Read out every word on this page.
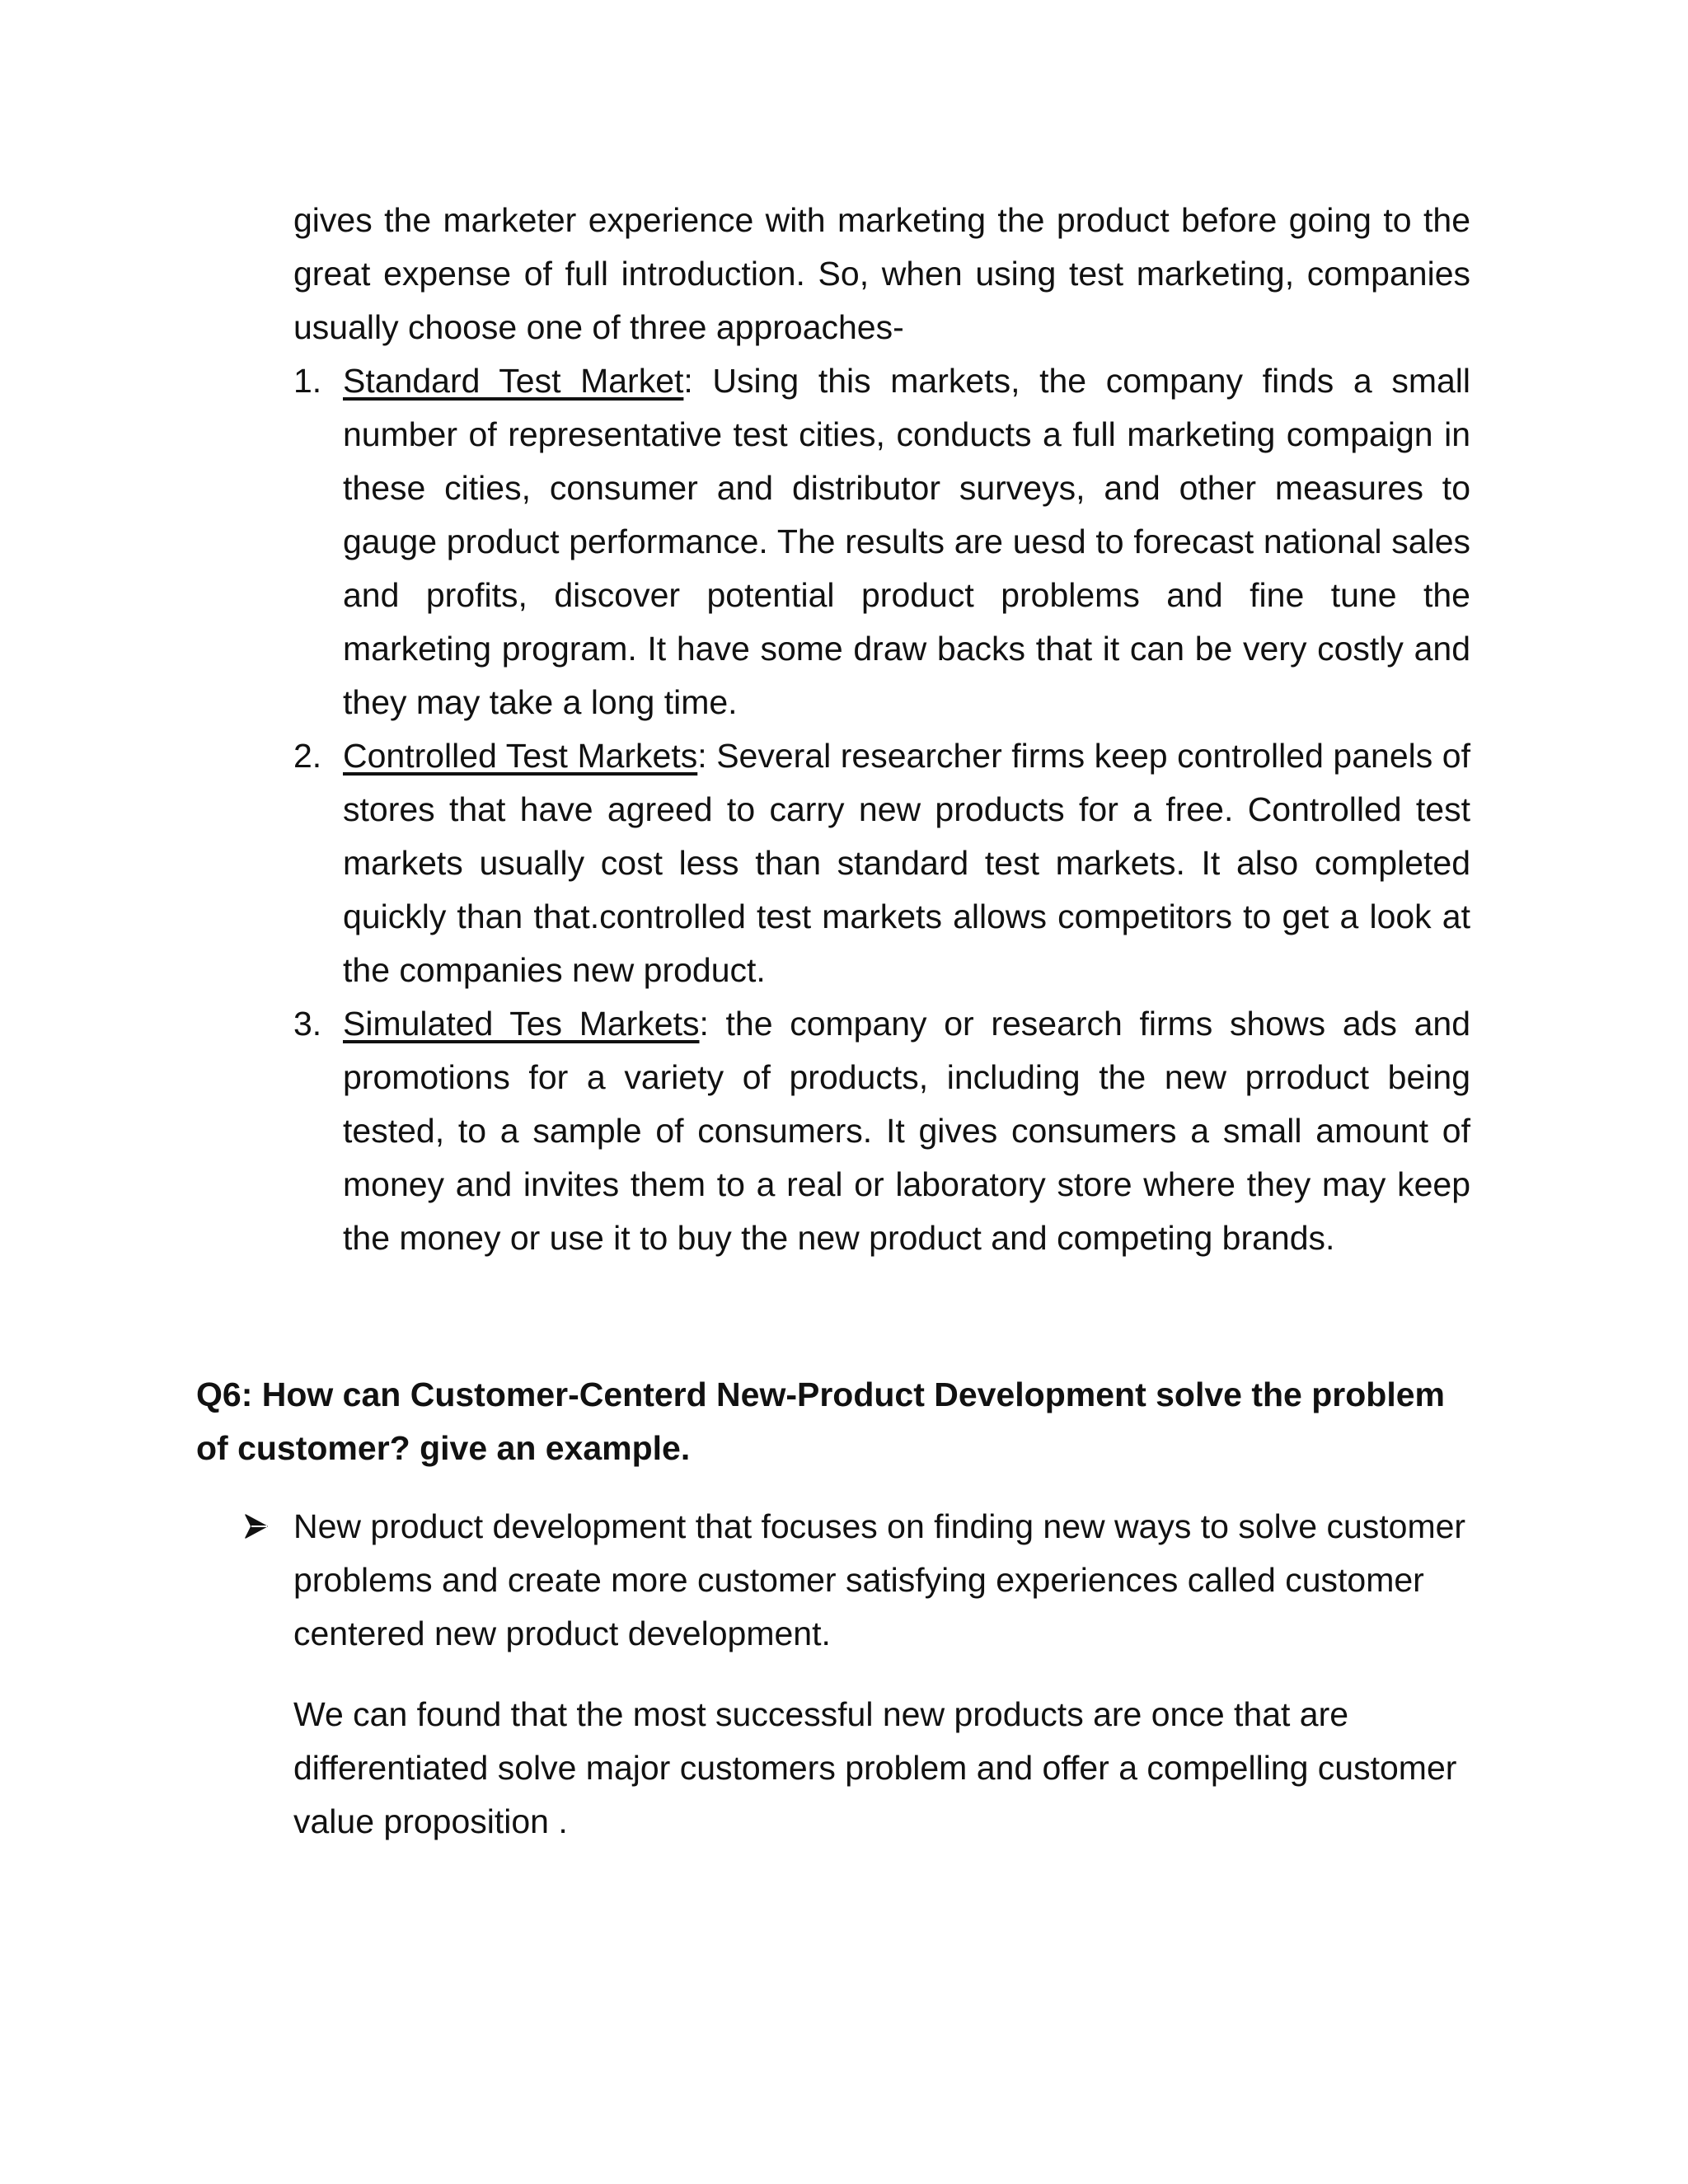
gives the marketer experience with marketing the product before going to the great expense of full introduction. So, when using test marketing, companies usually choose one of three approaches-

1. Standard Test Market: Using this markets, the company finds a small number of representative test cities, conducts a full marketing compaign in these cities, consumer and distributor surveys, and other measures to gauge product performance. The results are uesd to forecast national sales and profits, discover potential product problems and fine tune the marketing program. It have some draw backs that it can be very costly and they may take a long time.
2. Controlled Test Markets: Several researcher firms keep controlled panels of stores that have agreed to carry new products for a free. Controlled test markets usually cost less than standard test markets. It also completed quickly than that.controlled test markets allows competitors to get a look at the companies new product.
3. Simulated Tes Markets: the company or research firms shows ads and promotions for a variety of products, including the new prroduct being tested, to a sample of consumers. It gives consumers a small amount of money and invites them to a real or laboratory store where they may keep the money or use it to buy the new product and competing brands.

Q6: How can Customer-Centerd New-Product Development solve the problem of customer? give an example.

New product development that focuses on finding new ways to solve customer problems and create more customer satisfying experiences called customer centered new product development.

We can found that the most successful new products are once that are differentiated solve major customers problem and offer a compelling customer value proposition .
